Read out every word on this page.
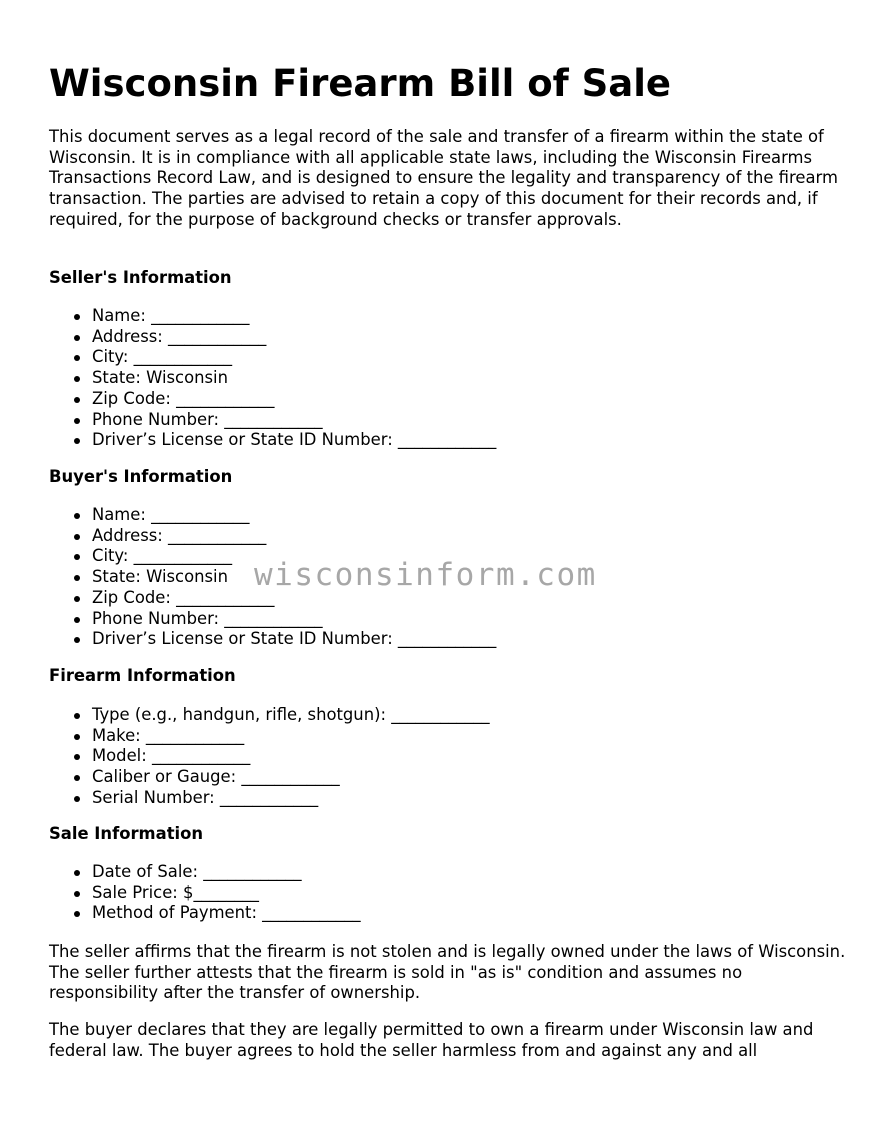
Wisconsin Firearm Bill of Sale

This document serves as a legal record of the sale and transfer of a firearm within the state of Wisconsin. It is in compliance with all applicable state laws, including the Wisconsin Firearms Transactions Record Law, and is designed to ensure the legality and transparency of the firearm transaction. The parties are advised to retain a copy of this document for their records and, if required, for the purpose of background checks or transfer approvals.

Seller's Information
Name: ____________
Address: ____________
City: ____________
State: Wisconsin
Zip Code: ____________
Phone Number: ____________
Driver’s License or State ID Number: ____________
Buyer's Information
Name: ____________
Address: ____________
City: ____________
State: Wisconsin
Zip Code: ____________
Phone Number: ____________
Driver’s License or State ID Number: ____________
Firearm Information
Type (e.g., handgun, rifle, shotgun): ____________
Make: ____________
Model: ____________
Caliber or Gauge: ____________
Serial Number: ____________
Sale Information
Date of Sale: ____________
Sale Price: $________
Method of Payment: ____________

The seller affirms that the firearm is not stolen and is legally owned under the laws of Wisconsin. The seller further attests that the firearm is sold in "as is" condition and assumes no responsibility after the transfer of ownership.

The buyer declares that they are legally permitted to own a firearm under Wisconsin law and federal law. The buyer agrees to hold the seller harmless from and against any and all

wisconsinform.com
